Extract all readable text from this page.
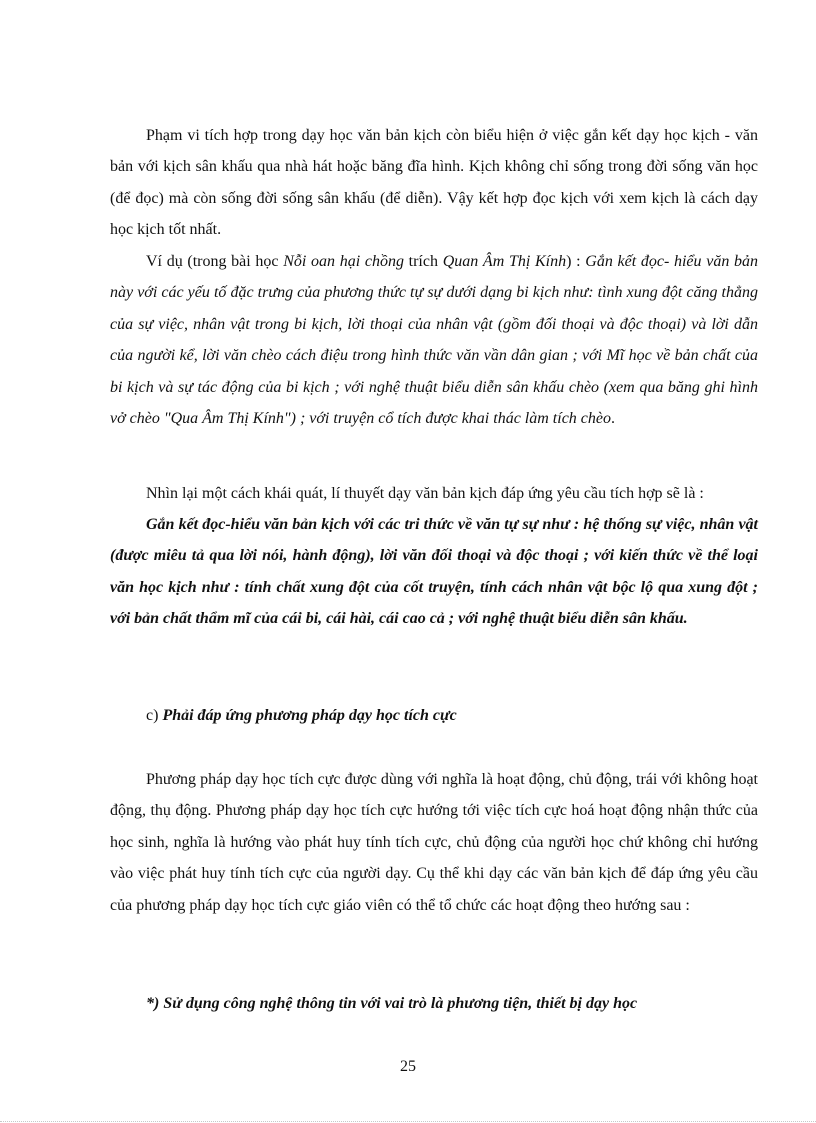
Phạm vi tích hợp trong dạy học văn bản kịch còn biểu hiện ở việc gắn kết dạy học kịch - văn bản với kịch sân khấu qua nhà hát hoặc băng đĩa hình. Kịch không chỉ sống trong đời sống văn học (để đọc) mà còn sống đời sống sân khấu (để diễn). Vậy kết hợp đọc kịch với xem kịch là cách dạy học kịch tốt nhất.

Ví dụ (trong bài học Nỗi oan hại chồng trích Quan Âm Thị Kính) : Gắn kết đọc- hiểu văn bản này với các yếu tố đặc trưng của phương thức tự sự dưới dạng bi kịch như: tình xung đột căng thẳng của sự việc, nhân vật trong bi kịch, lời thoại của nhân vật (gồm đối thoại và độc thoại) và lời dẫn của người kể, lời văn chèo cách điệu trong hình thức văn vần dân gian ; với Mĩ học về bản chất của bi kịch và sự tác động của bi kịch ; với nghệ thuật biểu diễn sân khấu chèo (xem qua băng ghi hình vở chèo "Qua Âm Thị Kính") ; với truyện cổ tích được khai thác làm tích chèo.

Nhìn lại một cách khái quát, lí thuyết dạy văn bản kịch đáp ứng yêu cầu tích hợp sẽ là :

Gắn kết đọc-hiểu văn bản kịch với các tri thức về văn tự sự như : hệ thống sự việc, nhân vật (được miêu tả qua lời nói, hành động), lời văn đối thoại và độc thoại ; với kiến thức về thể loại văn học kịch như : tính chất xung đột của cốt truyện, tính cách nhân vật bộc lộ qua xung đột ; với bản chất thẩm mĩ của cái bi, cái hài, cái cao cả ; với nghệ thuật biểu diễn sân khấu.

c) Phải đáp ứng phương pháp dạy học tích cực

Phương pháp dạy học tích cực được dùng với nghĩa là hoạt động, chủ động, trái với không hoạt động, thụ động. Phương pháp dạy học tích cực hướng tới việc tích cực hoá hoạt động nhận thức của học sinh, nghĩa là hướng vào phát huy tính tích cực, chủ động của người học chứ không chỉ hướng vào việc phát huy tính tích cực của người dạy. Cụ thể khi dạy các văn bản kịch để đáp ứng yêu cầu của phương pháp dạy học tích cực giáo viên có thể tổ chức các hoạt động theo hướng sau :

*) Sử dụng công nghệ thông tin với vai trò là phương tiện, thiết bị dạy học

25
